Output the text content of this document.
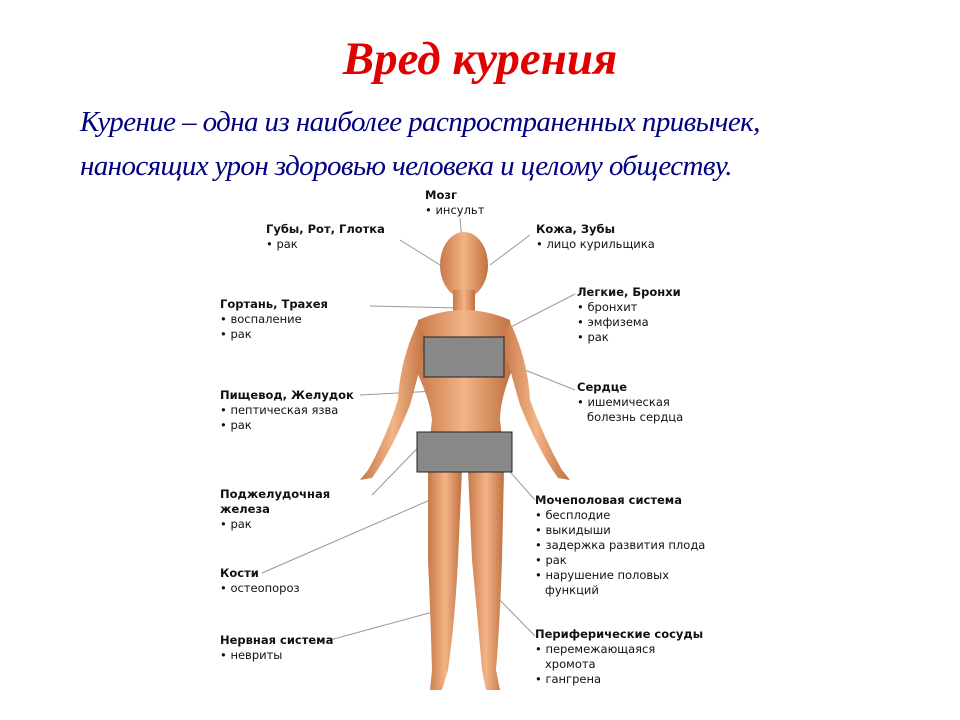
Вред курения
Курение – одна из наиболее распространенных привычек,
наносящих урон здоровью человека и целому обществу.
Мозг
• инсульт
Губы, Рот, Глотка
• рак
Кожа, Зубы
• лицо курильщика
Гортань, Трахея
• воспаление
• рак
Легкие, Бронхи
• бронхит
• эмфизема
• рак
Сердце
• ишемическая
болезнь сердца
Пищевод, Желудок
• пептическая язва
• рак
Поджелудочная
железа
• рак
Мочеполовая система
• бесплодие
• выкидыши
• задержка развития плода
• рак
• нарушение половых
функций
Кости
• остеопороз
Нервная система
• невриты
Периферические сосуды
• перемежающаяся
хромота
• гангрена
